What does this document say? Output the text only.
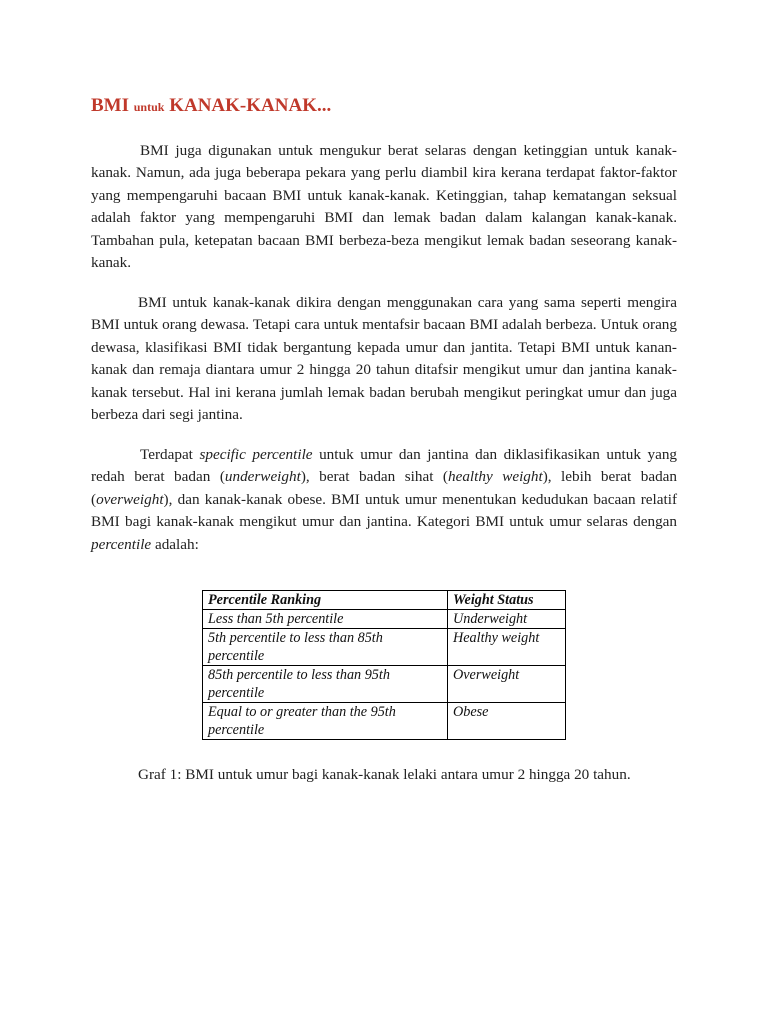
BMI untuk KANAK-KANAK...

BMI juga digunakan untuk mengukur berat selaras dengan ketinggian untuk kanak-kanak. Namun, ada juga beberapa pekara yang perlu diambil kira kerana terdapat faktor-faktor yang mempengaruhi bacaan BMI untuk kanak-kanak. Ketinggian, tahap kematangan seksual adalah faktor yang mempengaruhi BMI dan lemak badan dalam kalangan kanak-kanak. Tambahan pula, ketepatan bacaan BMI berbeza-beza mengikut lemak badan seseorang kanak-kanak.

BMI untuk kanak-kanak dikira dengan menggunakan cara yang sama seperti mengira BMI untuk orang dewasa. Tetapi cara untuk mentafsir bacaan BMI adalah berbeza. Untuk orang dewasa, klasifikasi BMI tidak bergantung kepada umur dan jantita. Tetapi BMI untuk kanan-kanak dan remaja diantara umur 2 hingga 20 tahun ditafsir mengikut umur dan jantina kanak-kanak tersebut. Hal ini kerana jumlah lemak badan berubah mengikut peringkat umur dan juga berbeza dari segi jantina.

Terdapat specific percentile untuk umur dan jantina dan diklasifikasikan untuk yang redah berat badan (underweight), berat badan sihat (healthy weight), lebih berat badan (overweight), dan kanak-kanak obese. BMI untuk umur menentukan kedudukan bacaan relatif BMI bagi kanak-kanak mengikut umur dan jantina. Kategori BMI untuk umur selaras dengan percentile adalah:

Percentile Ranking	Weight Status
Less than 5th percentile	Underweight
5th percentile to less than 85th percentile	Healthy weight
85th percentile to less than 95th percentile	Overweight
Equal to or greater than the 95th percentile	Obese

Graf 1: BMI untuk umur bagi kanak-kanak lelaki antara umur 2 hingga 20 tahun.
